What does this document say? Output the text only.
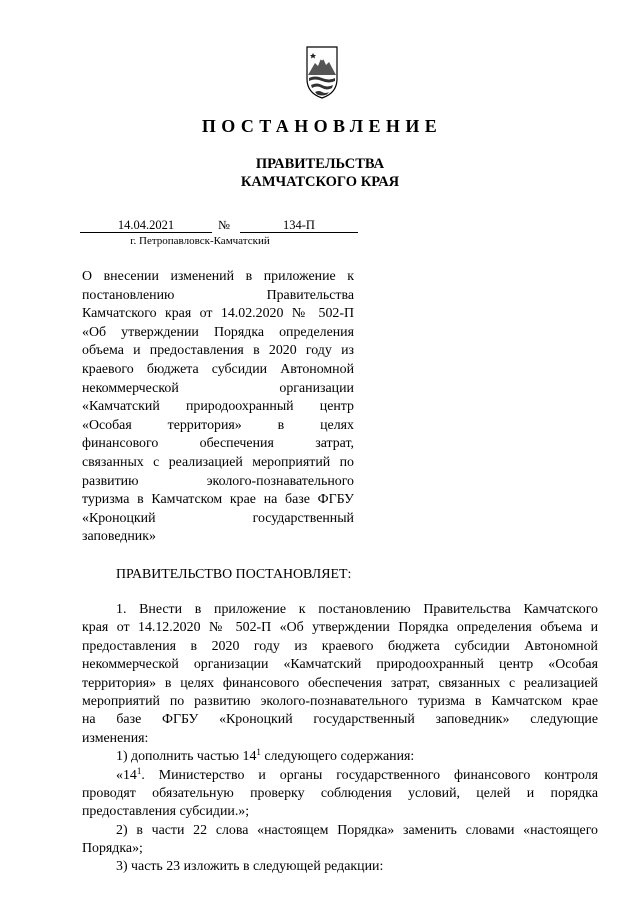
ПОСТАНОВЛЕНИЕ
ПРАВИТЕЛЬСТВА
КАМЧАТСКОГО КРАЯ
14.04.2021	№	134-П
г. Петропавловск-Камчатский
О внесении изменений в приложение к
постановлению Правительства
Камчатского края от 14.02.2020 № 502-П
«Об утверждении Порядка определения
объема и предоставления в 2020 году из
краевого бюджета субсидии Автономной
некоммерческой организации
«Камчатский природоохранный центр
«Особая территория» в целях
финансового обеспечения затрат,
связанных с реализацией мероприятий по
развитию эколого-познавательного
туризма в Камчатском крае на базе ФГБУ
«Кроноцкий государственный
заповедник»
ПРАВИТЕЛЬСТВО ПОСТАНОВЛЯЕТ:
1. Внести в приложение к постановлению Правительства Камчатского
края от 14.12.2020 № 502-П «Об утверждении Порядка определения объема и
предоставления в 2020 году из краевого бюджета субсидии Автономной
некоммерческой организации «Камчатский природоохранный центр «Особая
территория» в целях финансового обеспечения затрат, связанных с реализацией
мероприятий по развитию эколого-познавательного туризма в Камчатском крае
на базе ФГБУ «Кроноцкий государственный заповедник» следующие
изменения:
1) дополнить частью $14^1$ следующего содержания:
«$14^1$. Министерство и органы государственного финансового контроля
проводят обязательную проверку соблюдения условий, целей и порядка
предоставления субсидии.»;
2) в части 22 слова «настоящем Порядка» заменить словами «настоящего
Порядка»;
3) часть 23 изложить в следующей редакции:
